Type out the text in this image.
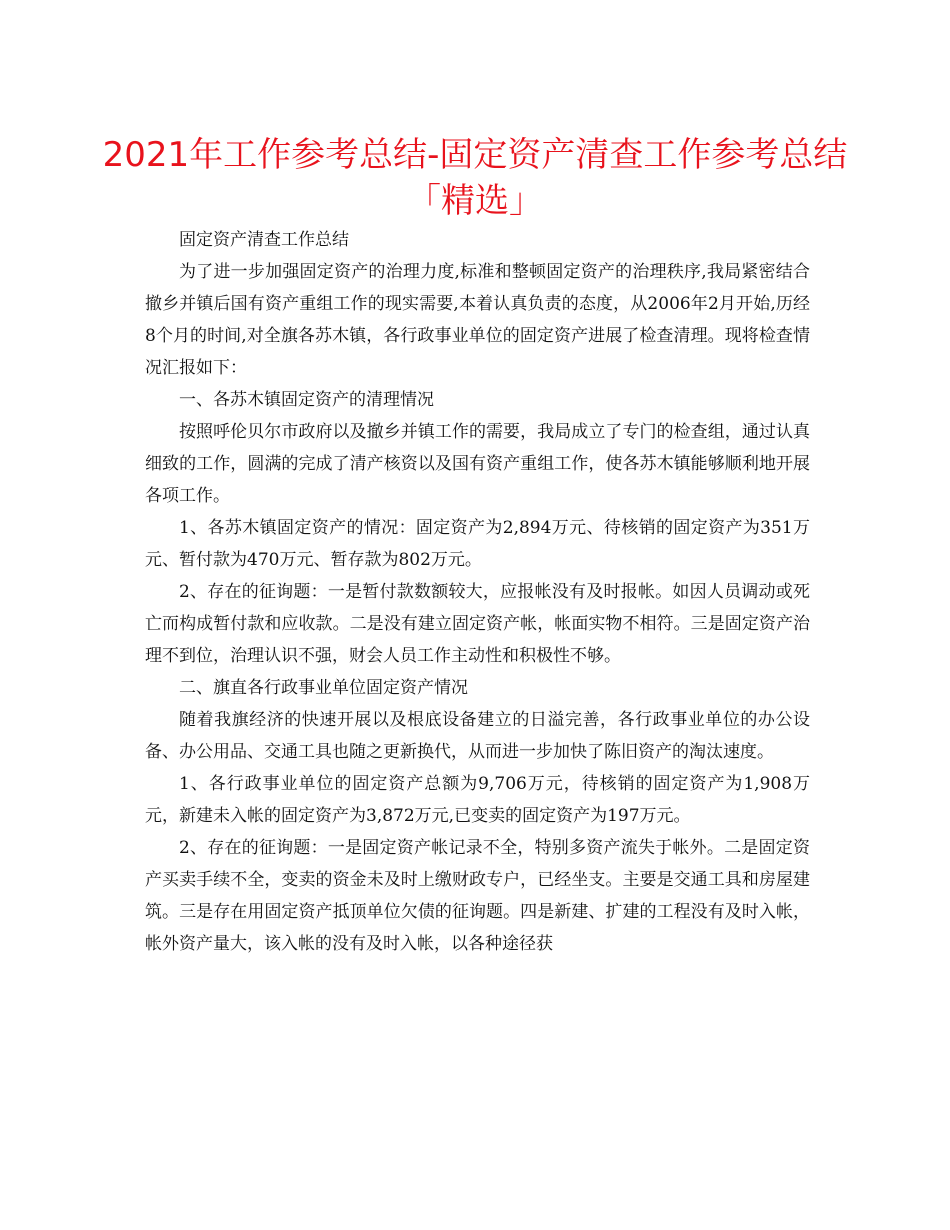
2021年工作参考总结-固定资产清查工作参考总结「精选」

固定资产清查工作总结

为了进一步加强固定资产的治理力度,标准和整顿固定资产的治理秩序,我局紧密结合撤乡并镇后国有资产重组工作的现实需要,本着认真负责的态度，从2006年2月开始,历经8个月的时间,对全旗各苏木镇，各行政事业单位的固定资产进展了检查清理。现将检查情况汇报如下：

一、各苏木镇固定资产的清理情况

按照呼伦贝尔市政府以及撤乡并镇工作的需要，我局成立了专门的检查组，通过认真细致的工作，圆满的完成了清产核资以及国有资产重组工作，使各苏木镇能够顺利地开展各项工作。

1、各苏木镇固定资产的情况：固定资产为2,894万元、待核销的固定资产为351万元、暂付款为470万元、暂存款为802万元。

2、存在的征询题：一是暂付款数额较大，应报帐没有及时报帐。如因人员调动或死亡而构成暂付款和应收款。二是没有建立固定资产帐，帐面实物不相符。三是固定资产治理不到位，治理认识不强，财会人员工作主动性和积极性不够。

二、旗直各行政事业单位固定资产情况

随着我旗经济的快速开展以及根底设备建立的日溢完善，各行政事业单位的办公设备、办公用品、交通工具也随之更新换代，从而进一步加快了陈旧资产的淘汰速度。

1、各行政事业单位的固定资产总额为9,706万元，待核销的固定资产为1,908万元，新建未入帐的固定资产为3,872万元,已变卖的固定资产为197万元。

2、存在的征询题：一是固定资产帐记录不全，特别多资产流失于帐外。二是固定资产买卖手续不全，变卖的资金未及时上缴财政专户，已经坐支。主要是交通工具和房屋建筑。三是存在用固定资产抵顶单位欠债的征询题。四是新建、扩建的工程没有及时入帐，帐外资产量大，该入帐的没有及时入帐，以各种途径获
